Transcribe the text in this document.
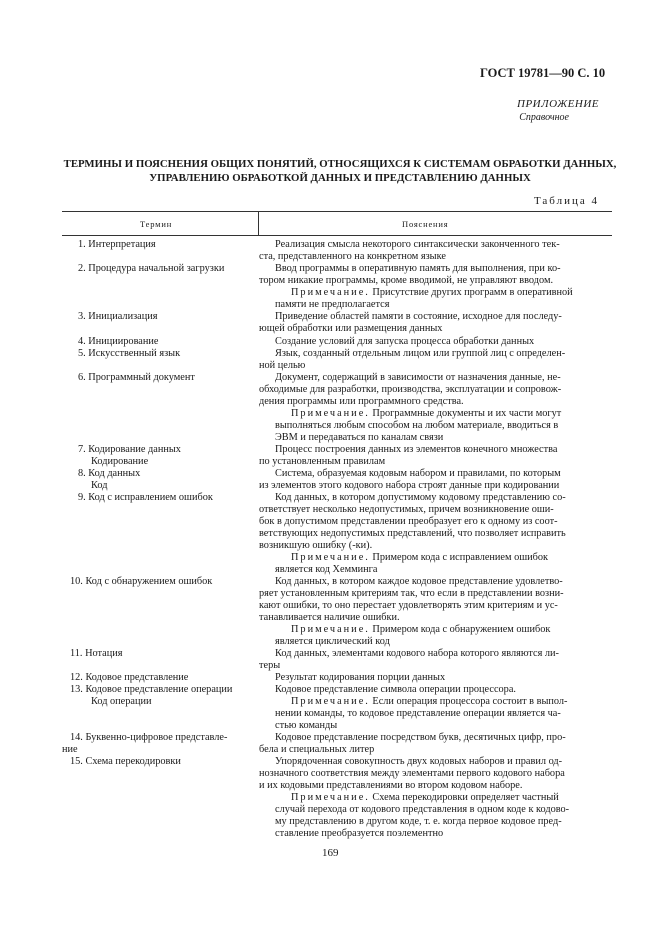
ГОСТ 19781—90 С. 10
ПРИЛОЖЕНИЕ
Справочное
ТЕРМИНЫ И ПОЯСНЕНИЯ ОБЩИХ ПОНЯТИЙ, ОТНОСЯЩИХСЯ К СИСТЕМАМ ОБРАБОТКИ ДАННЫХ, УПРАВЛЕНИЮ ОБРАБОТКОЙ ДАННЫХ И ПРЕДСТАВЛЕНИЮ ДАННЫХ
Таблица 4
Термин	Пояснения
1. Интерпретация
2. Процедура начальной загрузки
3. Инициализация
4. Инициирование
5. Искусственный язык
6. Программный документ
7. Кодирование данных
Кодирование
8. Код данных
Код
9. Код с исправлением ошибок
10. Код с обнаружением ошибок
11. Нотация
12. Кодовое представление
13. Кодовое представление операции
Код операции
14. Буквенно-цифровое представле-
ние
15. Схема перекодировки
Реализация смысла некоторого синтаксически законченного тек-
ста, представленного на конкретном языке
Ввод программы в оперативную память для выполнения, при ко-
тором никакие программы, кроме вводимой, не управляют вводом.
Примечание. Присутствие других программ в оперативной
памяти не предполагается
Приведение областей памяти в состояние, исходное для последу-
ющей обработки или размещения данных
Создание условий для запуска процесса обработки данных
Язык, созданный отдельным лицом или группой лиц с определен-
ной целью
Документ, содержащий в зависимости от назначения данные, не-
обходимые для разработки, производства, эксплуатации и сопровож-
дения программы или программного средства.
Примечание. Программные документы и их части могут
выполняться любым способом на любом материале, вводиться в
ЭВМ и передаваться по каналам связи
Процесс построения данных из элементов конечного множества
по установленным правилам
Система, образуемая кодовым набором и правилами, по которым
из элементов этого кодового набора строят данные при кодировании
Код данных, в котором допустимому кодовому представлению со-
ответствует несколько недопустимых, причем возникновение оши-
бок в допустимом представлении преобразует его к одному из соот-
ветствующих недопустимых представлений, что позволяет исправить
возникшую ошибку (-ки).
Примечание. Примером кода с исправлением ошибок
является код Хемминга
Код данных, в котором каждое кодовое представление удовлетво-
ряет установленным критериям так, что если в представлении возни-
кают ошибки, то оно перестает удовлетворять этим критериям и ус-
танавливается наличие ошибки.
Примечание. Примером кода с обнаружением ошибок
является циклический код
Код данных, элементами кодового набора которого являются ли-
теры
Результат кодирования порции данных
Кодовое представление символа операции процессора.
Примечание. Если операция процессора состоит в выпол-
нении команды, то кодовое представление операции является ча-
стью команды
Кодовое представление посредством букв, десятичных цифр, про-
бела и специальных литер
Упорядоченная совокупность двух кодовых наборов и правил од-
нозначного соответствия между элементами первого кодового набора
и их кодовыми представлениями во втором кодовом наборе.
Примечание. Схема перекодировки определяет частный
случай перехода от кодового представления в одном коде к кодово-
му представлению в другом коде, т. е. когда первое кодовое пред-
ставление преобразуется поэлементно
169
